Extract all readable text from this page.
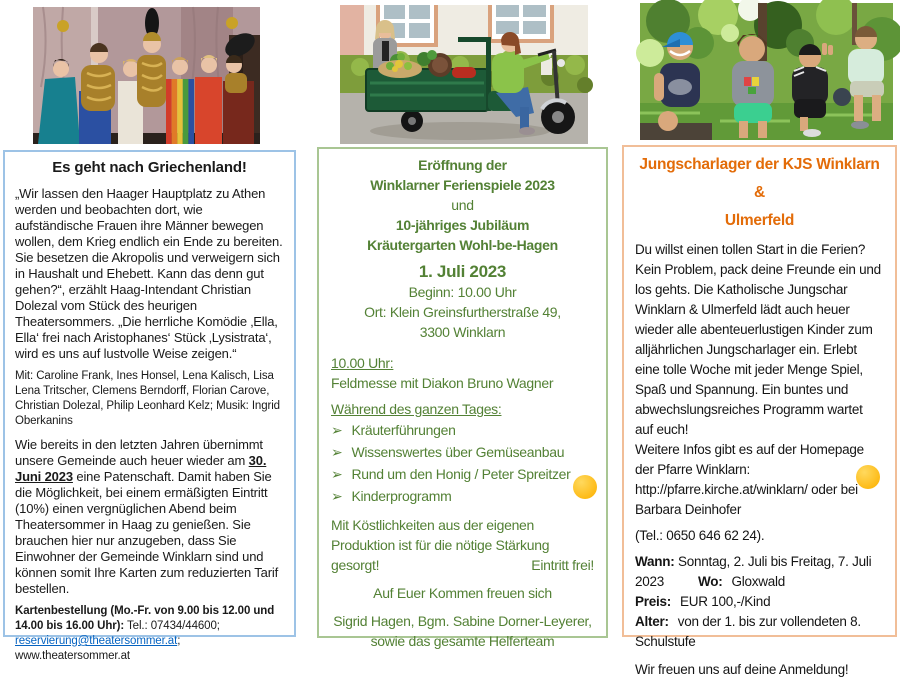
Es geht nach Griechenland!

„Wir lassen den Haager Hauptplatz zu Athen werden und beobachten dort, wie aufständische Frauen ihre Männer bewegen wollen, dem Krieg endlich ein Ende zu bereiten. Sie besetzen die Akropolis und verweigern sich in Haushalt und Ehebett. Kann das denn gut gehen?“, erzählt Haag-Intendant Christian Dolezal vom Stück des heurigen Theatersommers. „Die herrliche Komödie ‚Ella, Ella‘ frei nach Aristophanes‘ Stück ‚Lysistrata‘, wird es uns auf lustvolle Weise zeigen.“

Mit: Caroline Frank, Ines Honsel, Lena Kalisch, Lisa Lena Tritscher, Clemens Berndorff, Florian Carove, Christian Dolezal, Philip Leonhard Kelz; Musik: Ingrid Oberkanins

Wie bereits in den letzten Jahren übernimmt unsere Gemeinde auch heuer wieder am 30. Juni 2023 eine Patenschaft. Damit haben Sie die Möglichkeit, bei einem ermäßigten Eintritt (10%) einen vergnüglichen Abend beim Theatersommer in Haag zu genießen. Sie brauchen hier nur anzugeben, dass Sie Einwohner der Gemeinde Winklarn sind und können somit Ihre Karten zum reduzierten Tarif bestellen.

Kartenbestellung (Mo.-Fr. von 9.00 bis 12.00 und 14.00 bis 16.00 Uhr): Tel.: 07434/44600;
reservierung@theatersommer.at;
www.theatersommer.at

Eröffnung der
Winklarner Ferienspiele 2023
und
10-jähriges Jubiläum
Kräutergarten Wohl-be-Hagen
1. Juli 2023
Beginn: 10.00 Uhr
Ort: Klein Greinsfurtherstraße 49,
3300 Winklarn
10.00 Uhr:
Feldmesse mit Diakon Bruno Wagner
Während des ganzen Tages:
➢ Kräuterführungen
➢ Wissenswertes über Gemüseanbau
➢ Rund um den Honig / Peter Spreitzer
➢ Kinderprogramm

Mit Köstlichkeiten aus der eigenen Produktion ist für die nötige Stärkung gesorgt!	Eintritt frei!

Auf Euer Kommen freuen sich
Sigrid Hagen, Bgm. Sabine Dorner-Leyerer,
sowie das gesamte Helferteam
Jungscharlager der KJS Winklarn &
Ulmerfeld

Du willst einen tollen Start in die Ferien? Kein Problem, pack deine Freunde ein und los gehts. Die Katholische Jungschar Winklarn & Ulmerfeld lädt auch heuer wieder alle abenteuerlustigen Kinder zum alljährlichen Jungscharlager ein. Erlebt eine tolle Woche mit jeder Menge Spiel, Spaß und Spannung. Ein buntes und abwechslungsreiches Programm wartet auf euch!
Weitere Infos gibt es auf der Homepage der Pfarre Winklarn: http://pfarre.kirche.at/winklarn/ oder bei Barbara Deinhofer

(Tel.: 0650 646 62 24).

Wann: Sonntag, 2. Juli bis Freitag, 7. Juli 2023	Wo: Gloxwald

Preis: EUR 100,-/Kind

Alter: von der 1. bis zur vollendeten 8. Schulstufe

Wir freuen uns auf deine Anmeldung!
